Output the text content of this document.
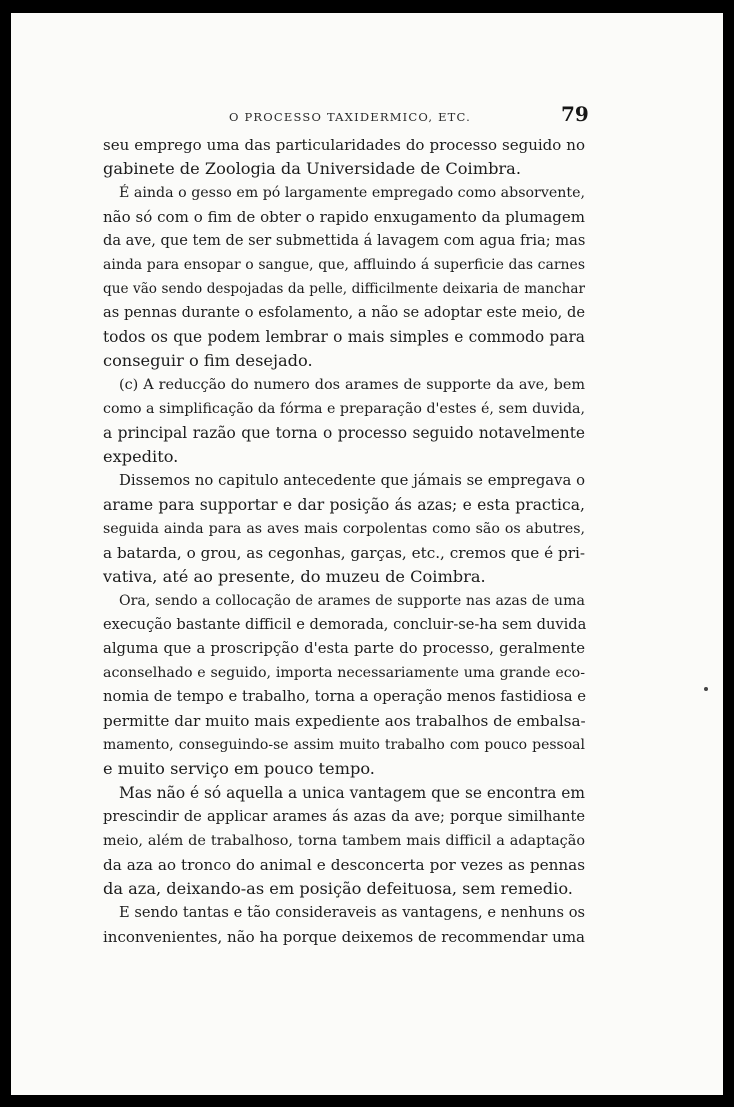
O PROCESSO TAXIDERMICO, ETC.	79
seu emprego uma das particularidades do processo seguido no
gabinete de Zoologia da Universidade de Coimbra.
É ainda o gesso em pó largamente empregado como absorvente,
não só com o fim de obter o rapido enxugamento da plumagem
da ave, que tem de ser submettida á lavagem com agua fria; mas
ainda para ensopar o sangue, que, affluindo á superficie das carnes
que vão sendo despojadas da pelle, difficilmente deixaria de manchar
as pennas durante o esfolamento, a não se adoptar este meio, de
todos os que podem lembrar o mais simples e commodo para
conseguir o fim desejado.
(c) A reducção do numero dos arames de supporte da ave, bem
como a simplificação da fórma e preparação d'estes é, sem duvida,
a principal razão que torna o processo seguido notavelmente
expedito.
Dissemos no capitulo antecedente que jámais se empregava o
arame para supportar e dar posição ás azas; e esta practica,
seguida ainda para as aves mais corpolentas como são os abutres,
a batarda, o grou, as cegonhas, garças, etc., cremos que é pri-
vativa, até ao presente, do muzeu de Coimbra.
Ora, sendo a collocação de arames de supporte nas azas de uma
execução bastante difficil e demorada, concluir-se-ha sem duvida
alguma que a proscripção d'esta parte do processo, geralmente
aconselhado e seguido, importa necessariamente uma grande eco-
nomia de tempo e trabalho, torna a operação menos fastidiosa e
permitte dar muito mais expediente aos trabalhos de embalsa-
mamento, conseguindo-se assim muito trabalho com pouco pessoal
e muito serviço em pouco tempo.
Mas não é só aquella a unica vantagem que se encontra em
prescindir de applicar arames ás azas da ave; porque similhante
meio, além de trabalhoso, torna tambem mais difficil a adaptação
da aza ao tronco do animal e desconcerta por vezes as pennas
da aza, deixando-as em posição defeituosa, sem remedio.
E sendo tantas e tão consideraveis as vantagens, e nenhuns os
inconvenientes, não ha porque deixemos de recommendar uma
